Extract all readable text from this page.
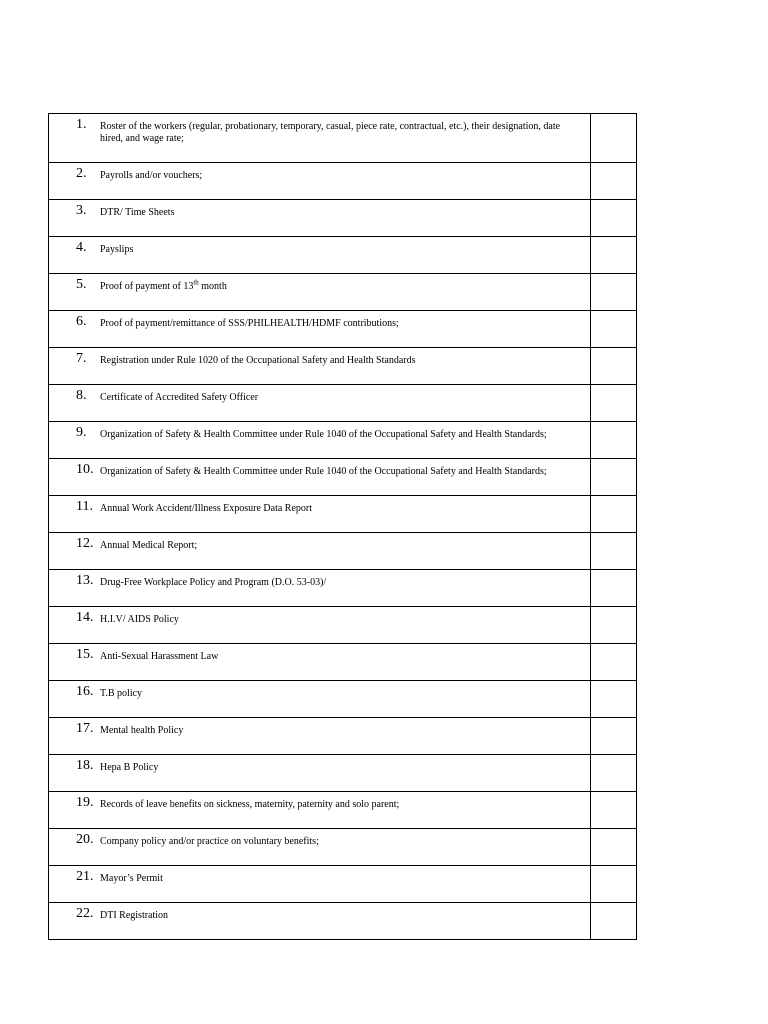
1. Roster of the workers (regular, probationary, temporary, casual, piece rate, contractual, etc.), their designation, date hired, and wage rate;	

2. Payrolls and/or vouchers;	

3. DTR/ Time Sheets	

4. Payslips	

5. Proof of payment of 13th month	

6. Proof of payment/remittance of SSS/PHILHEALTH/HDMF contributions;	

7. Registration under Rule 1020 of the Occupational Safety and Health Standards	

8. Certificate of Accredited Safety Officer	

9. Organization of Safety & Health Committee under Rule 1040 of the Occupational Safety and Health Standards;	

10. Organization of Safety & Health Committee under Rule 1040 of the Occupational Safety and Health Standards;	

11. Annual Work Accident/Illness Exposure Data Report	

12. Annual Medical Report;	

13. Drug-Free Workplace Policy and Program (D.O. 53-03)/	

14. H.I.V/ AIDS Policy	

15. Anti-Sexual Harassment Law	

16. T.B policy	

17. Mental health Policy	

18. Hepa B Policy	

19. Records of leave benefits on sickness, maternity, paternity and solo parent;	

20. Company policy and/or practice on voluntary benefits;	

21. Mayor’s Permit	

22. DTI Registration	
